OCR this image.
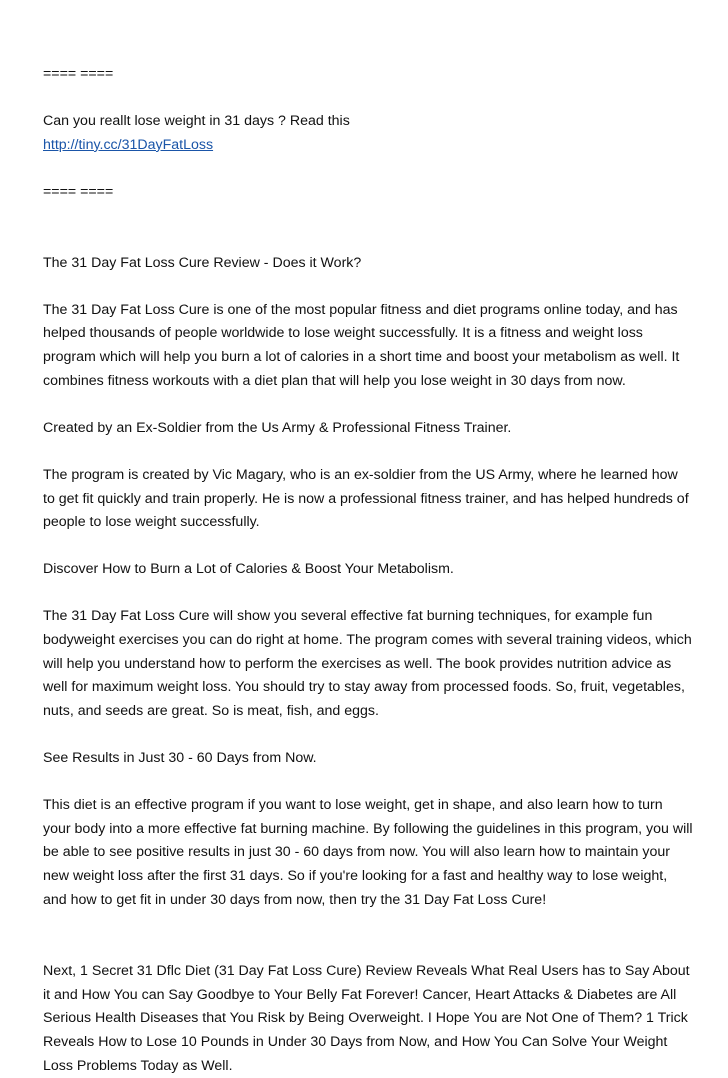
==== ====

Can you reallt lose weight in 31 days ? Read this

http://tiny.cc/31DayFatLoss

==== ====

The 31 Day Fat Loss Cure Review - Does it Work?

The 31 Day Fat Loss Cure is one of the most popular fitness and diet programs online today, and has helped thousands of people worldwide to lose weight successfully. It is a fitness and weight loss program which will help you burn a lot of calories in a short time and boost your metabolism as well. It combines fitness workouts with a diet plan that will help you lose weight in 30 days from now.

Created by an Ex-Soldier from the Us Army & Professional Fitness Trainer.

The program is created by Vic Magary, who is an ex-soldier from the US Army, where he learned how to get fit quickly and train properly. He is now a professional fitness trainer, and has helped hundreds of people to lose weight successfully.

Discover How to Burn a Lot of Calories & Boost Your Metabolism.

The 31 Day Fat Loss Cure will show you several effective fat burning techniques, for example fun bodyweight exercises you can do right at home. The program comes with several training videos, which will help you understand how to perform the exercises as well. The book provides nutrition advice as well for maximum weight loss. You should try to stay away from processed foods. So, fruit, vegetables, nuts, and seeds are great. So is meat, fish, and eggs.

See Results in Just 30 - 60 Days from Now.

This diet is an effective program if you want to lose weight, get in shape, and also learn how to turn your body into a more effective fat burning machine. By following the guidelines in this program, you will be able to see positive results in just 30 - 60 days from now. You will also learn how to maintain your new weight loss after the first 31 days. So if you're looking for a fast and healthy way to lose weight, and how to get fit in under 30 days from now, then try the 31 Day Fat Loss Cure!

Next, 1 Secret 31 Dflc Diet (31 Day Fat Loss Cure) Review Reveals What Real Users has to Say About it and How You can Say Goodbye to Your Belly Fat Forever! Cancer, Heart Attacks & Diabetes are All Serious Health Diseases that You Risk by Being Overweight. I Hope You are Not One of Them? 1 Trick Reveals How to Lose 10 Pounds in Under 30 Days from Now, and How You Can Solve Your Weight Loss Problems Today as Well.
